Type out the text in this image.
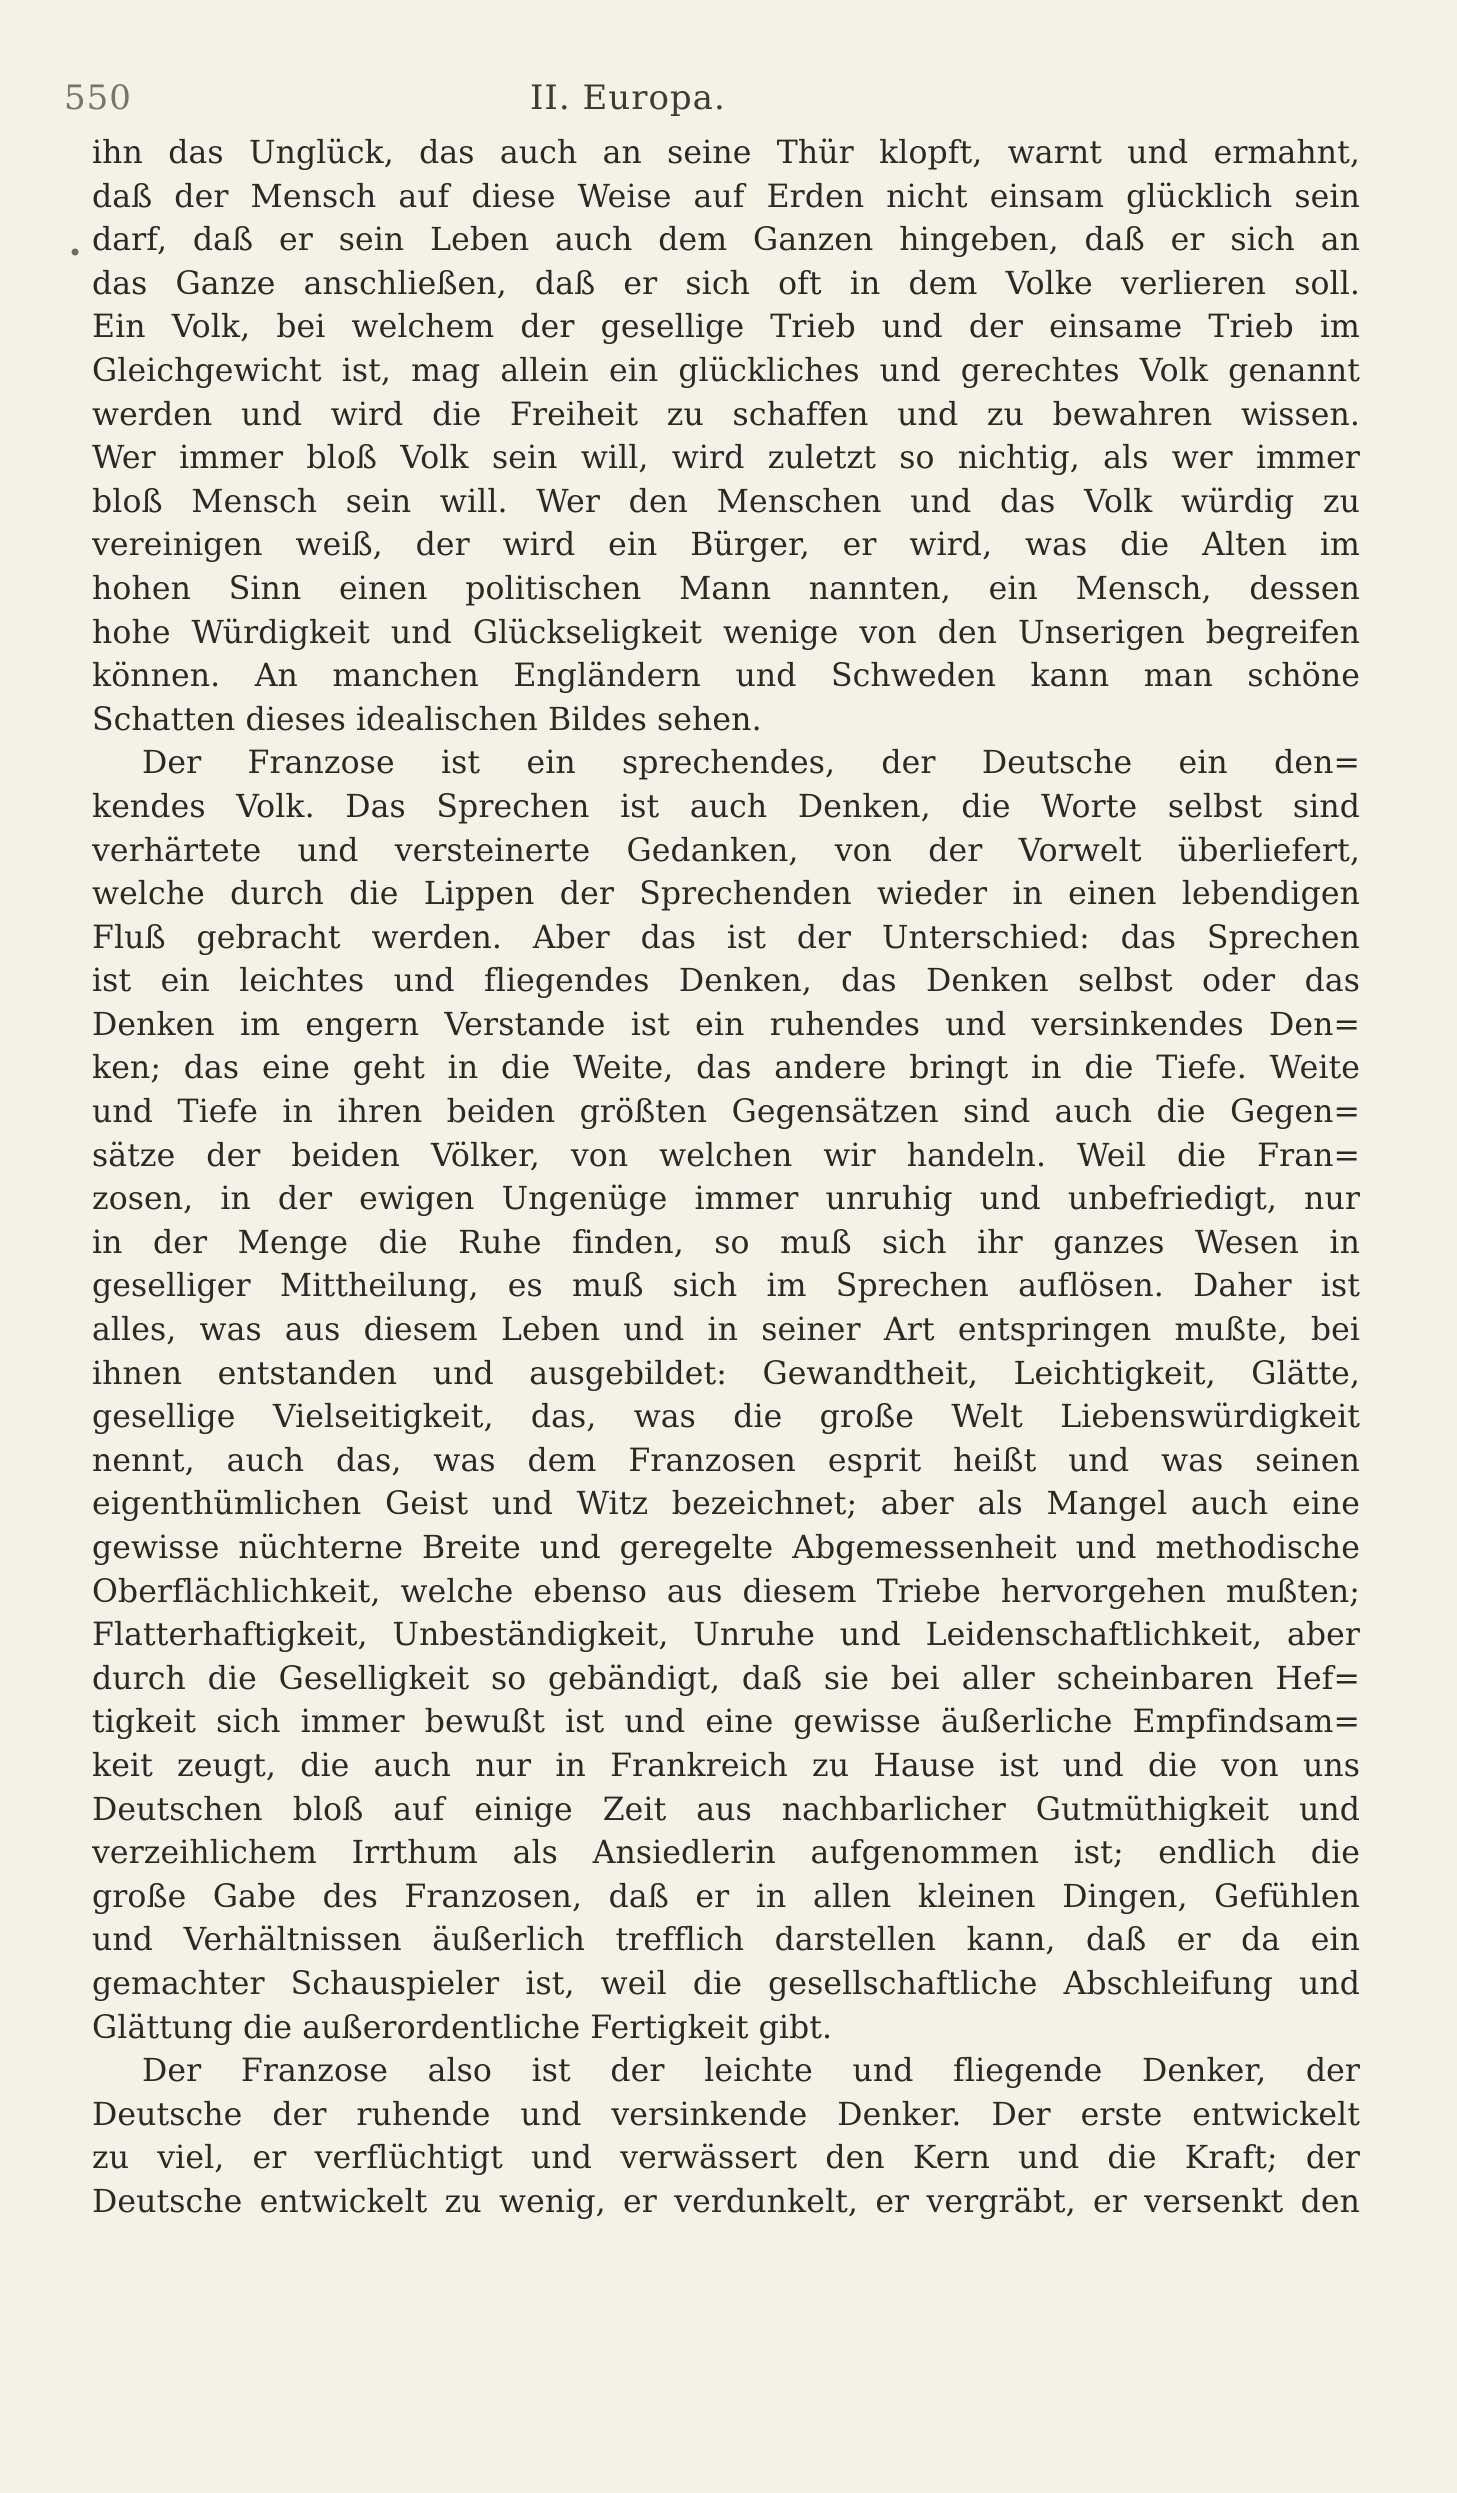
550	II. Europa.
•
ihn das Unglück, das auch an seine Thür klopft, warnt und ermahnt,
daß der Mensch auf diese Weise auf Erden nicht einsam glücklich sein
darf, daß er sein Leben auch dem Ganzen hingeben, daß er sich an
das Ganze anschließen, daß er sich oft in dem Volke verlieren soll.
Ein Volk, bei welchem der gesellige Trieb und der einsame Trieb im
Gleichgewicht ist, mag allein ein glückliches und gerechtes Volk genannt
werden und wird die Freiheit zu schaffen und zu bewahren wissen.
Wer immer bloß Volk sein will, wird zuletzt so nichtig, als wer immer
bloß Mensch sein will. Wer den Menschen und das Volk würdig zu
vereinigen weiß, der wird ein Bürger, er wird, was die Alten im
hohen Sinn einen politischen Mann nannten, ein Mensch, dessen
hohe Würdigkeit und Glückseligkeit wenige von den Unserigen begreifen
können. An manchen Engländern und Schweden kann man schöne
Schatten dieses idealischen Bildes sehen.
Der Franzose ist ein sprechendes, der Deutsche ein den=
kendes Volk. Das Sprechen ist auch Denken, die Worte selbst sind
verhärtete und versteinerte Gedanken, von der Vorwelt überliefert,
welche durch die Lippen der Sprechenden wieder in einen lebendigen
Fluß gebracht werden. Aber das ist der Unterschied: das Sprechen
ist ein leichtes und fliegendes Denken, das Denken selbst oder das
Denken im engern Verstande ist ein ruhendes und versinkendes Den=
ken; das eine geht in die Weite, das andere bringt in die Tiefe. Weite
und Tiefe in ihren beiden größten Gegensätzen sind auch die Gegen=
sätze der beiden Völker, von welchen wir handeln. Weil die Fran=
zosen, in der ewigen Ungenüge immer unruhig und unbefriedigt, nur
in der Menge die Ruhe finden, so muß sich ihr ganzes Wesen in
geselliger Mittheilung, es muß sich im Sprechen auflösen. Daher ist
alles, was aus diesem Leben und in seiner Art entspringen mußte, bei
ihnen entstanden und ausgebildet: Gewandtheit, Leichtigkeit, Glätte,
gesellige Vielseitigkeit, das, was die große Welt Liebenswürdigkeit
nennt, auch das, was dem Franzosen esprit heißt und was seinen
eigenthümlichen Geist und Witz bezeichnet; aber als Mangel auch eine
gewisse nüchterne Breite und geregelte Abgemessenheit und methodische
Oberflächlichkeit, welche ebenso aus diesem Triebe hervorgehen mußten;
Flatterhaftigkeit, Unbeständigkeit, Unruhe und Leidenschaftlichkeit, aber
durch die Geselligkeit so gebändigt, daß sie bei aller scheinbaren Hef=
tigkeit sich immer bewußt ist und eine gewisse äußerliche Empfindsam=
keit zeugt, die auch nur in Frankreich zu Hause ist und die von uns
Deutschen bloß auf einige Zeit aus nachbarlicher Gutmüthigkeit und
verzeihlichem Irrthum als Ansiedlerin aufgenommen ist; endlich die
große Gabe des Franzosen, daß er in allen kleinen Dingen, Gefühlen
und Verhältnissen äußerlich trefflich darstellen kann, daß er da ein
gemachter Schauspieler ist, weil die gesellschaftliche Abschleifung und
Glättung die außerordentliche Fertigkeit gibt.
Der Franzose also ist der leichte und fliegende Denker, der
Deutsche der ruhende und versinkende Denker. Der erste entwickelt
zu viel, er verflüchtigt und verwässert den Kern und die Kraft; der
Deutsche entwickelt zu wenig, er verdunkelt, er vergräbt, er versenkt den
